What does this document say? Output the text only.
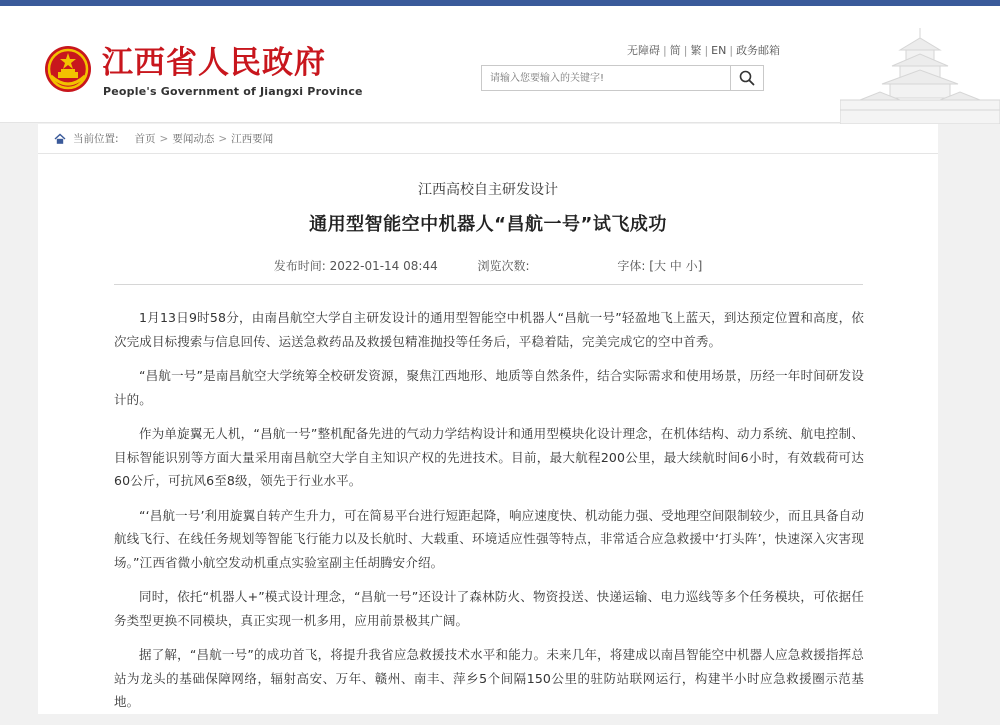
江西省人民政府
People's Government of Jiangxi Province
无障碍 | 简 | 繁 | EN | 政务邮箱
请输入您要输入的关键字!
当前位置: 首页 > 要闻动态 > 江西要闻
江西高校自主研发设计
通用型智能空中机器人“昌航一号”试飞成功
发布时间: 2022-01-14 08:44	浏览次数:	字体: [大 中 小]

1月13日9时58分，由南昌航空大学自主研发设计的通用型智能空中机器人“昌航一号”轻盈地飞上蓝天，到达预定位置和高度，依次完成目标搜索与信息回传、运送急救药品及救援包精准抛投等任务后，平稳着陆，完美完成它的空中首秀。

“昌航一号”是南昌航空大学统筹全校研发资源，聚焦江西地形、地质等自然条件，结合实际需求和使用场景，历经一年时间研发设计的。

作为单旋翼无人机，“昌航一号”整机配备先进的气动力学结构设计和通用型模块化设计理念，在机体结构、动力系统、航电控制、目标智能识别等方面大量采用南昌航空大学自主知识产权的先进技术。目前，最大航程200公里，最大续航时间6小时，有效载荷可达60公斤，可抗风6至8级，领先于行业水平。

“‘昌航一号’利用旋翼自转产生升力，可在简易平台进行短距起降，响应速度快、机动能力强、受地理空间限制较少，而且具备自动航线飞行、在线任务规划等智能飞行能力以及长航时、大载重、环境适应性强等特点，非常适合应急救援中‘打头阵’，快速深入灾害现场。”江西省微小航空发动机重点实验室副主任胡腾安介绍。

同时，依托“机器人+”模式设计理念，“昌航一号”还设计了森林防火、物资投送、快递运输、电力巡线等多个任务模块，可依据任务类型更换不同模块，真正实现一机多用，应用前景极其广阔。

据了解，“昌航一号”的成功首飞，将提升我省应急救援技术水平和能力。未来几年，将建成以南昌智能空中机器人应急救援指挥总站为龙头的基础保障网络，辐射高安、万年、赣州、南丰、萍乡5个间隔150公里的驻防站联网运行，构建半小时应急救援圈示范基地。
